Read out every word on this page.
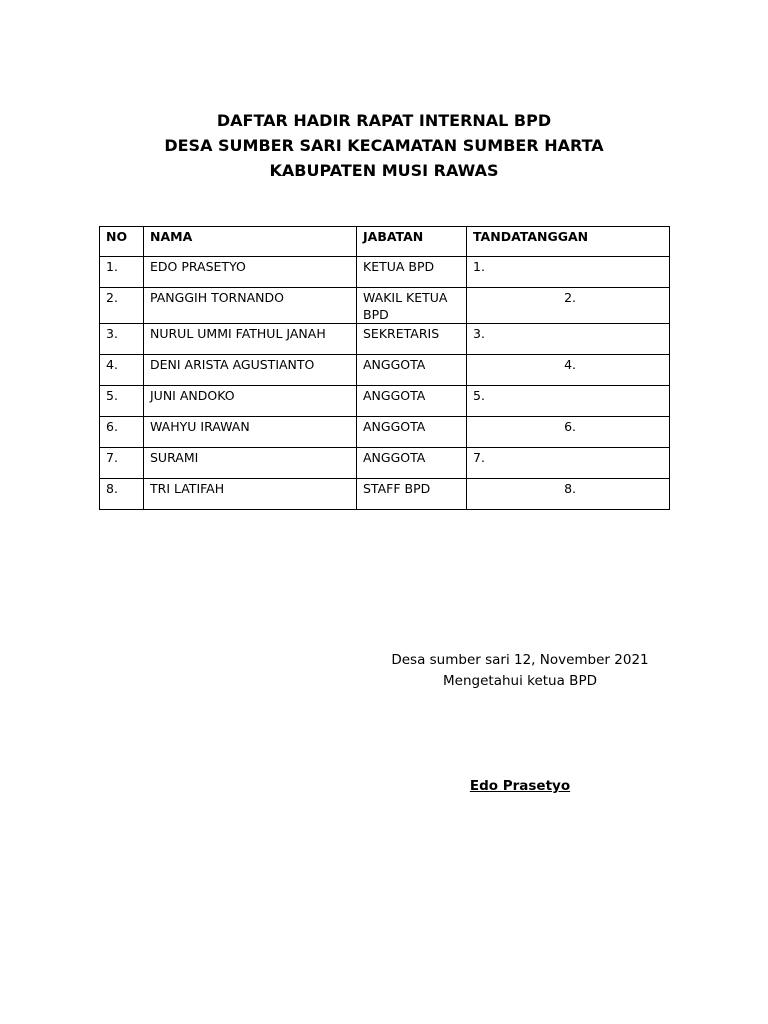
DAFTAR HADIR RAPAT INTERNAL BPD
DESA SUMBER SARI KECAMATAN SUMBER HARTA
KABUPATEN MUSI RAWAS
NO	NAMA	JABATAN	TANDATANGGAN
1.	EDO PRASETYO	KETUA BPD	1.
2.	PANGGIH TORNANDO	WAKIL KETUA BPD	2.
3.	NURUL UMMI FATHUL JANAH	SEKRETARIS	3.
4.	DENI ARISTA AGUSTIANTO	ANGGOTA	4.
5.	JUNI ANDOKO	ANGGOTA	5.
6.	WAHYU IRAWAN	ANGGOTA	6.
7.	SURAMI	ANGGOTA	7.
8.	TRI LATIFAH	STAFF BPD	8.
Desa sumber sari 12, November 2021
Mengetahui ketua BPD
Edo Prasetyo
